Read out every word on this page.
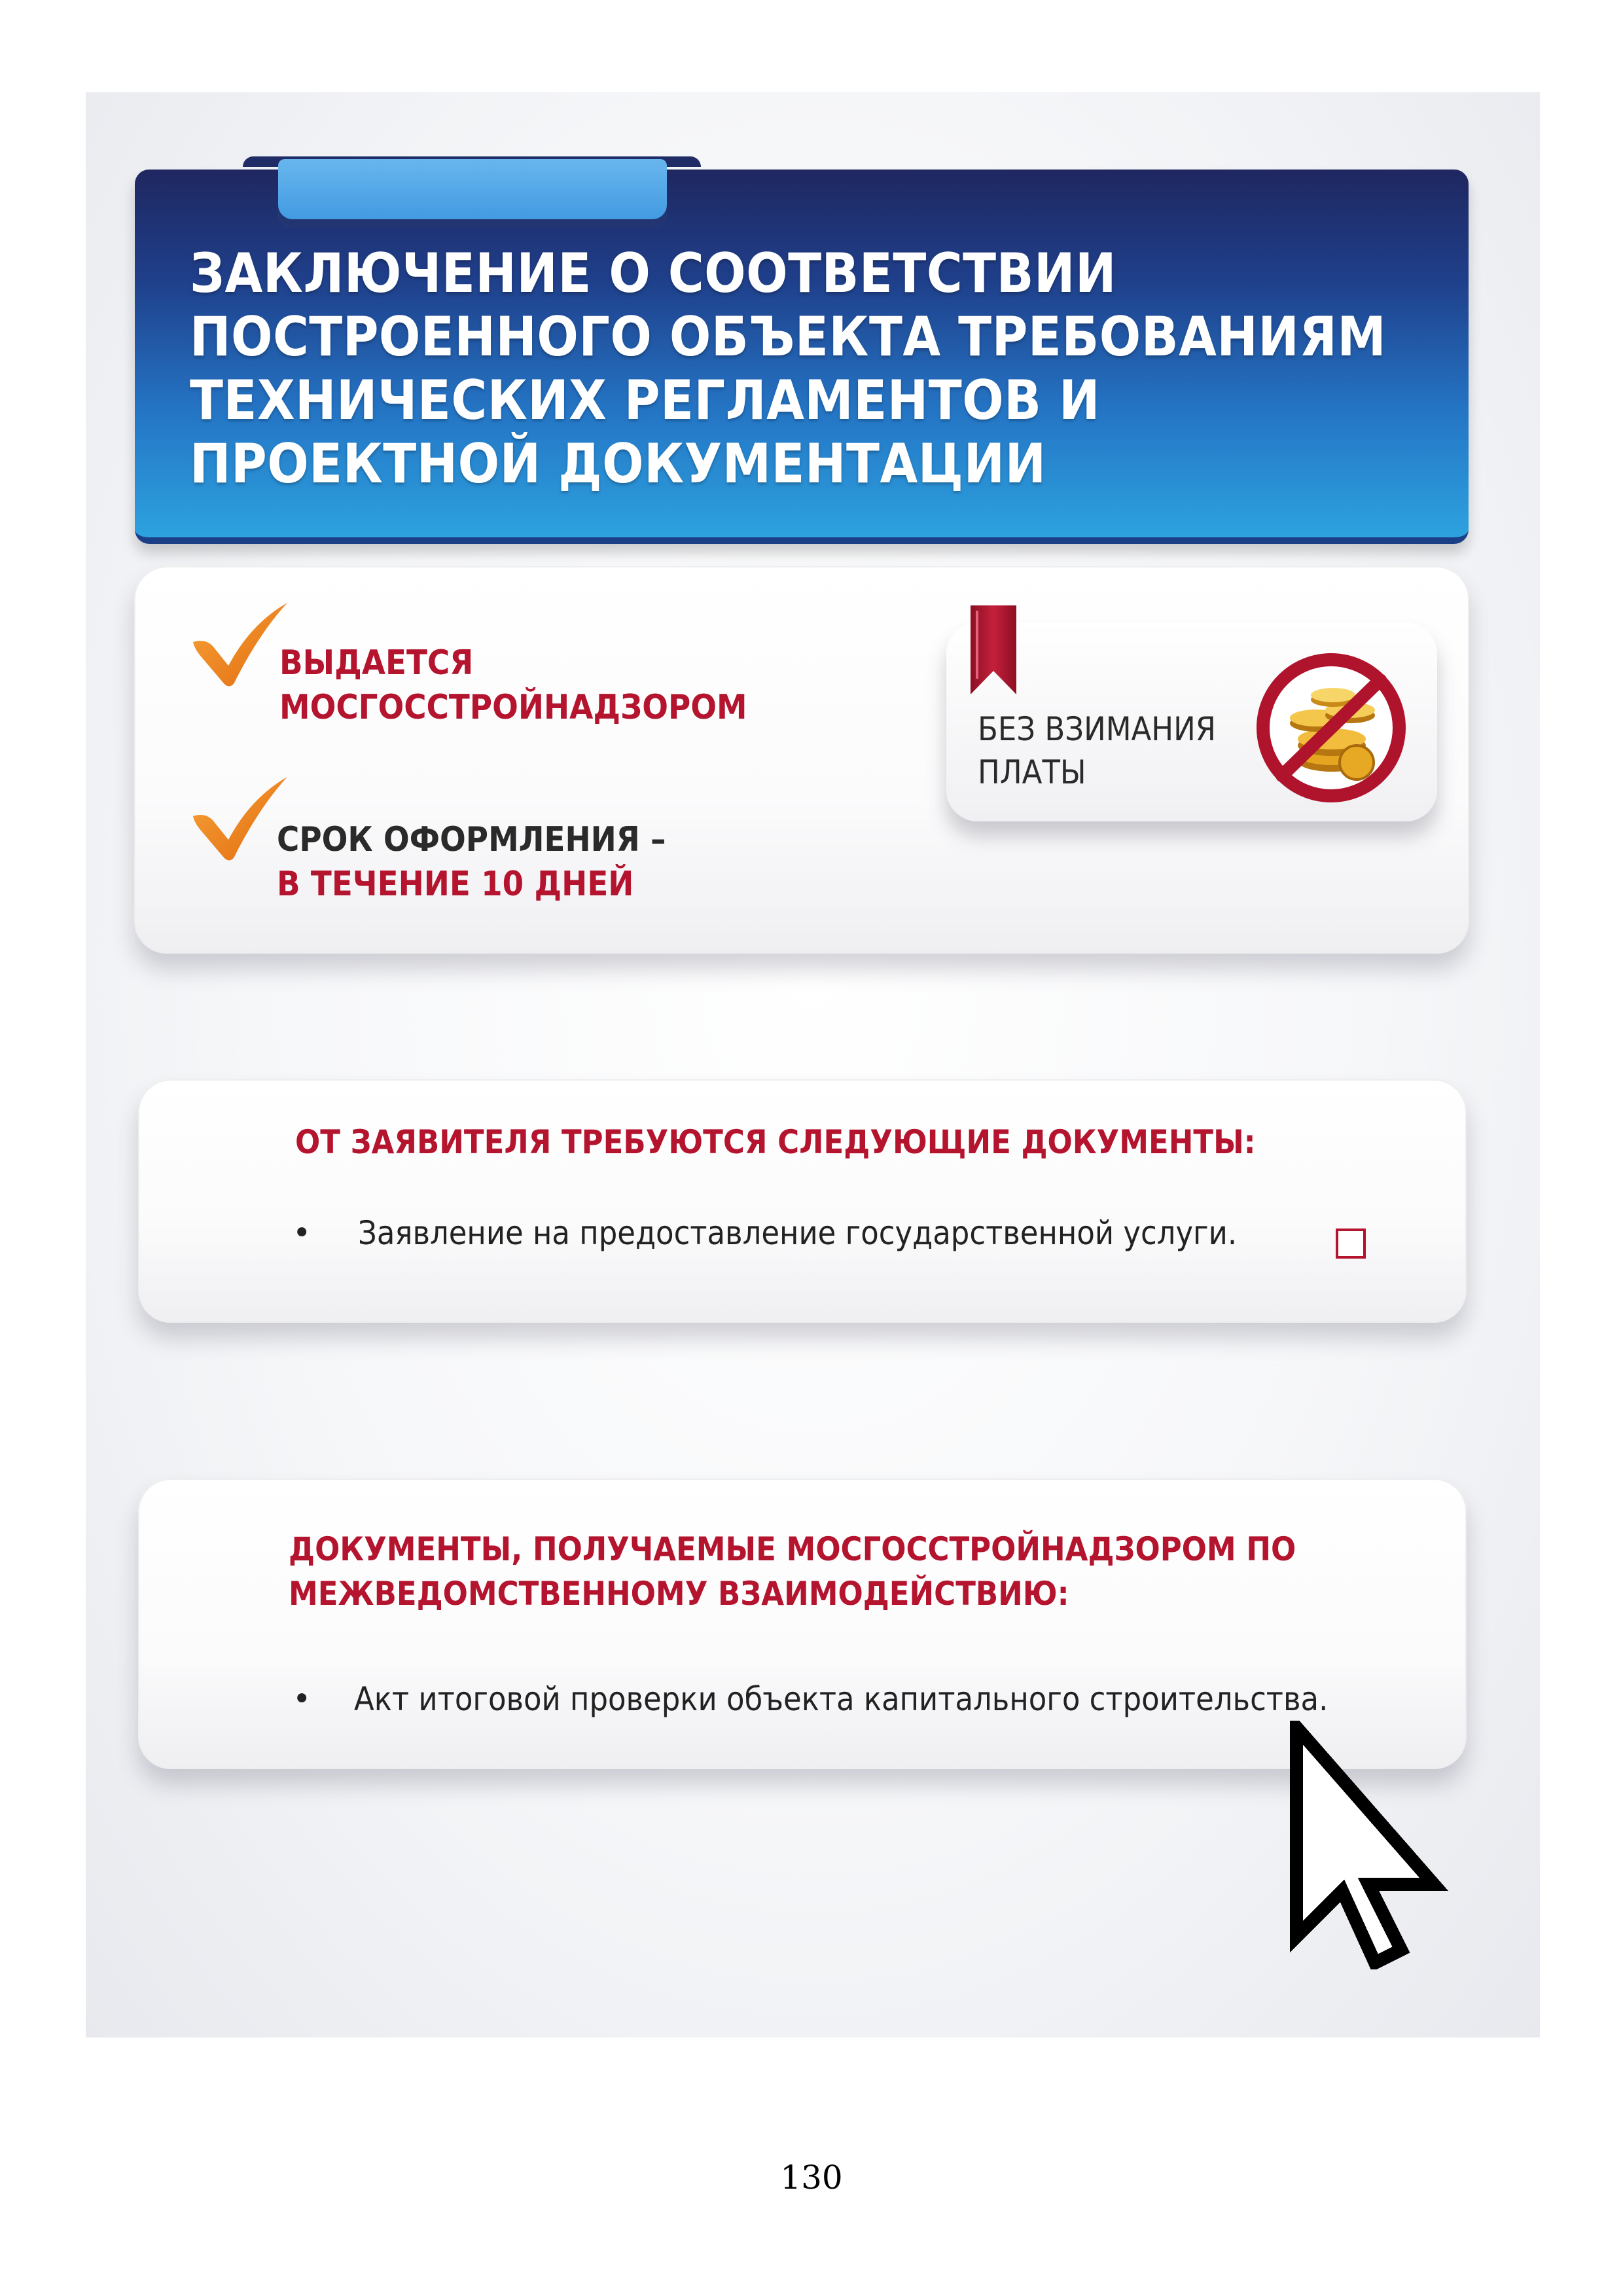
ЗАКЛЮЧЕНИЕ О СООТВЕТСТВИИ ПОСТРОЕННОГО ОБЪЕКТА ТРЕБОВАНИЯМ ТЕХНИЧЕСКИХ РЕГЛАМЕНТОВ И ПРОЕКТНОЙ ДОКУМЕНТАЦИИ
ВЫДАЕТСЯ
МОСГОССТРОЙНАДЗОРОМ
СРОК ОФОРМЛЕНИЯ –
В ТЕЧЕНИЕ 10 ДНЕЙ
БЕЗ ВЗИМАНИЯ
ПЛАТЫ
ОТ ЗАЯВИТЕЛЯ ТРЕБУЮТСЯ СЛЕДУЮЩИЕ ДОКУМЕНТЫ:
• Заявление на предоставление государственной услуги.

ДОКУМЕНТЫ, ПОЛУЧАЕМЫЕ МОСГОССТРОЙНАДЗОРОМ ПО МЕЖВЕДОМСТВЕННОМУ ВЗАИМОДЕЙСТВИЮ:
• Акт итоговой проверки объекта капитального строительства.

130
